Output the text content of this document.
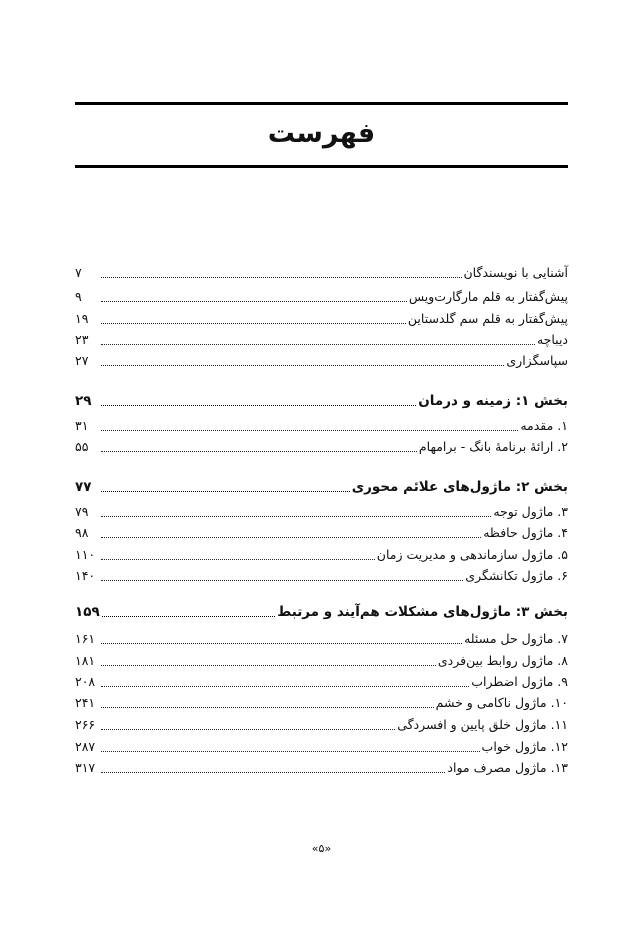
فهرست
آشنایی با نویسندگان
۷
پیش‌گفتار به قلم مارگارت‌ویس
۹
پیش‌گفتار به قلم سم گلدستاین
۱۹
دیباچه
۲۳
سپاسگزاری
۲۷
بخش ۱: زمینه و درمان
۲۹
۱. مقدمه
۳۱
۲. ارائهٔ برنامهٔ بانگ - برامهام
۵۵
بخش ۲: ماژول‌های علائم محوری
۷۷
۳. ماژول توجه
۷۹
۴. ماژول حافظه
۹۸
۵. ماژول سازماندهی و مدیریت زمان
۱۱۰
۶. ماژول تکانشگری
۱۴۰
بخش ۳: ماژول‌های مشکلات هم‌آیند و مرتبط
۱۵۹
۷. ماژول حل مسئله
۱۶۱
۸. ماژول روابط بین‌فردی
۱۸۱
۹. ماژول اضطراب
۲۰۸
۱۰. ماژول ناکامی و خشم
۲۴۱
۱۱. ماژول خلق پایین و افسردگی
۲۶۶
۱۲. ماژول خواب
۲۸۷
۱۳. ماژول مصرف مواد
۳۱۷
«۵»
